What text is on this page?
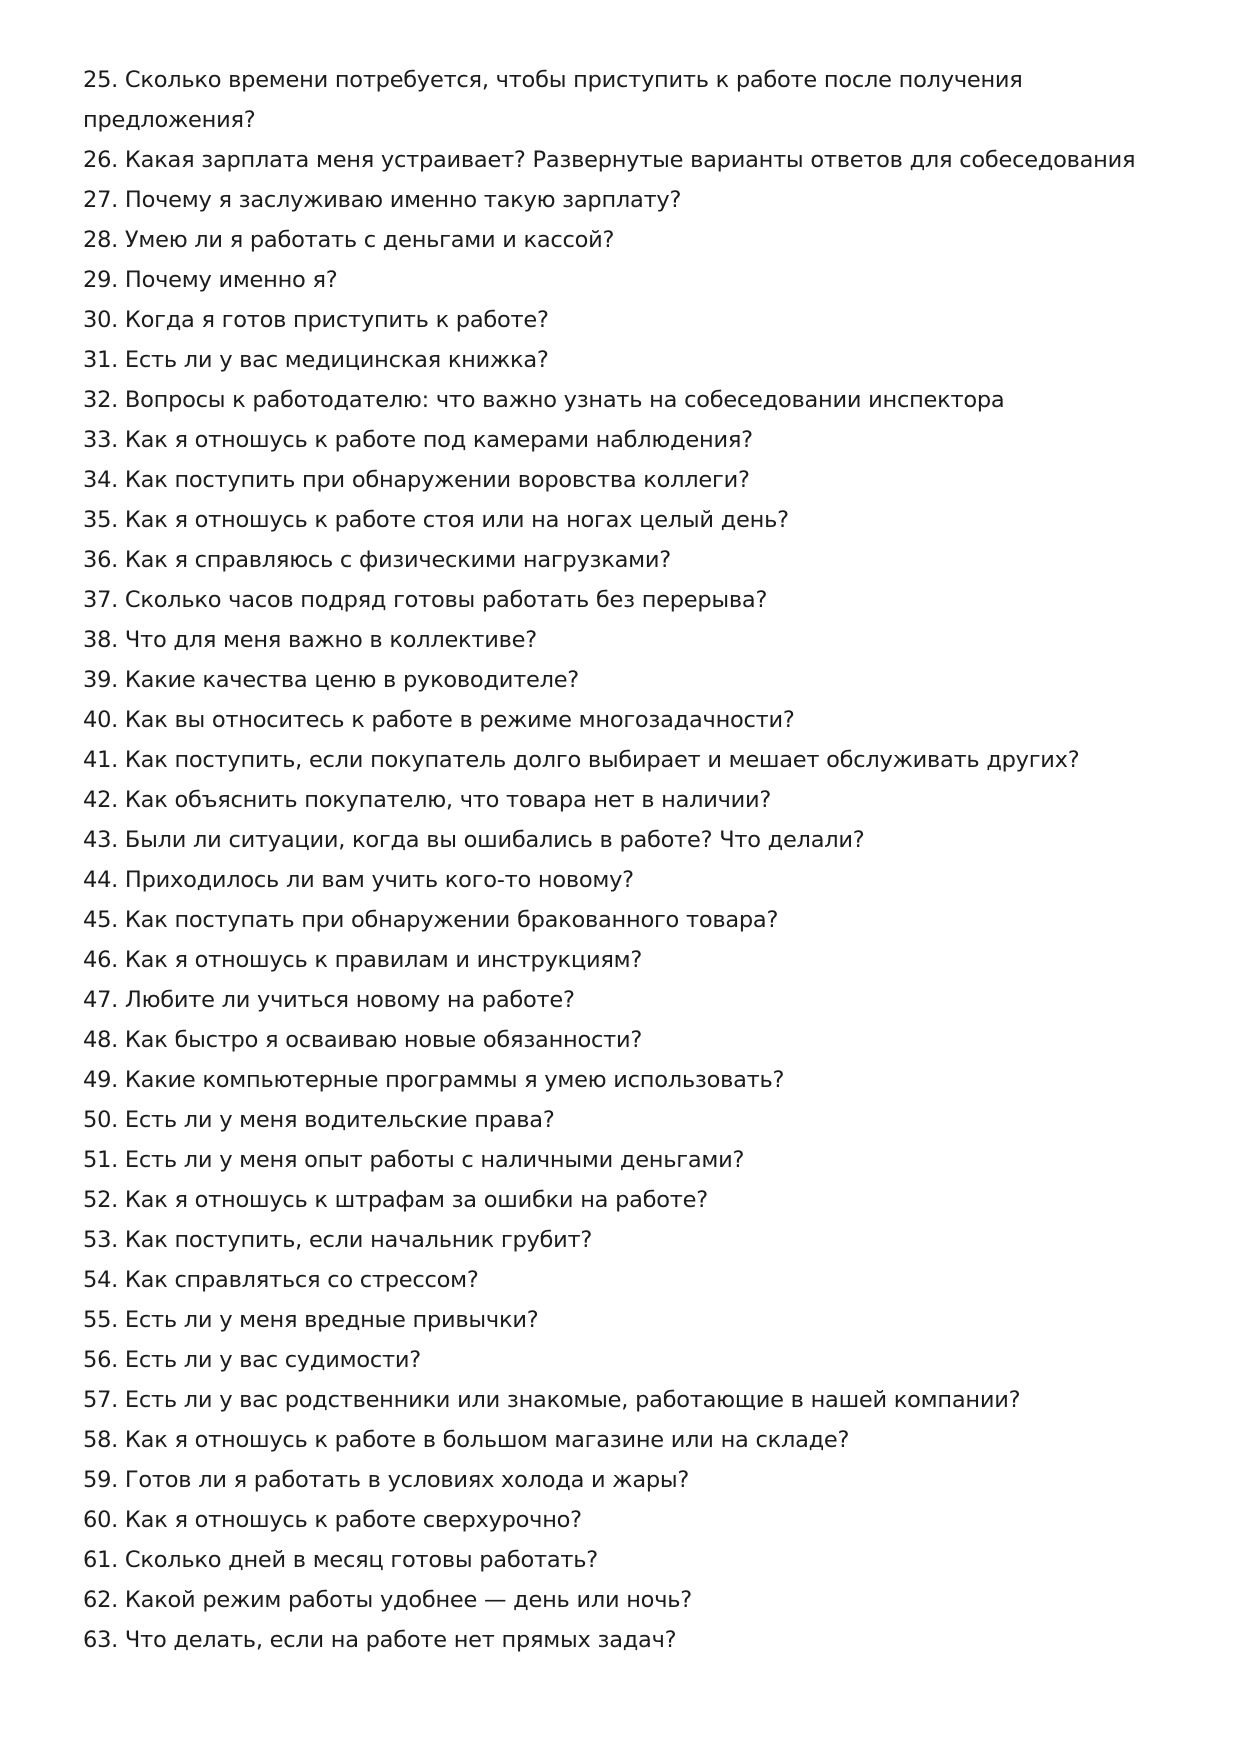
25. Сколько времени потребуется, чтобы приступить к работе после получения предложения?
26. Какая зарплата меня устраивает? Развернутые варианты ответов для собеседования
27. Почему я заслуживаю именно такую зарплату?
28. Умею ли я работать с деньгами и кассой?
29. Почему именно я?
30. Когда я готов приступить к работе?
31. Есть ли у вас медицинская книжка?
32. Вопросы к работодателю: что важно узнать на собеседовании инспектора
33. Как я отношусь к работе под камерами наблюдения?
34. Как поступить при обнаружении воровства коллеги?
35. Как я отношусь к работе стоя или на ногах целый день?
36. Как я справляюсь с физическими нагрузками?
37. Сколько часов подряд готовы работать без перерыва?
38. Что для меня важно в коллективе?
39. Какие качества ценю в руководителе?
40. Как вы относитесь к работе в режиме многозадачности?
41. Как поступить, если покупатель долго выбирает и мешает обслуживать других?
42. Как объяснить покупателю, что товара нет в наличии?
43. Были ли ситуации, когда вы ошибались в работе? Что делали?
44. Приходилось ли вам учить кого-то новому?
45. Как поступать при обнаружении бракованного товара?
46. Как я отношусь к правилам и инструкциям?
47. Любите ли учиться новому на работе?
48. Как быстро я осваиваю новые обязанности?
49. Какие компьютерные программы я умею использовать?
50. Есть ли у меня водительские права?
51. Есть ли у меня опыт работы с наличными деньгами?
52. Как я отношусь к штрафам за ошибки на работе?
53. Как поступить, если начальник грубит?
54. Как справляться со стрессом?
55. Есть ли у меня вредные привычки?
56. Есть ли у вас судимости?
57. Есть ли у вас родственники или знакомые, работающие в нашей компании?
58. Как я отношусь к работе в большом магазине или на складе?
59. Готов ли я работать в условиях холода и жары?
60. Как я отношусь к работе сверхурочно?
61. Сколько дней в месяц готовы работать?
62. Какой режим работы удобнее — день или ночь?
63. Что делать, если на работе нет прямых задач?
